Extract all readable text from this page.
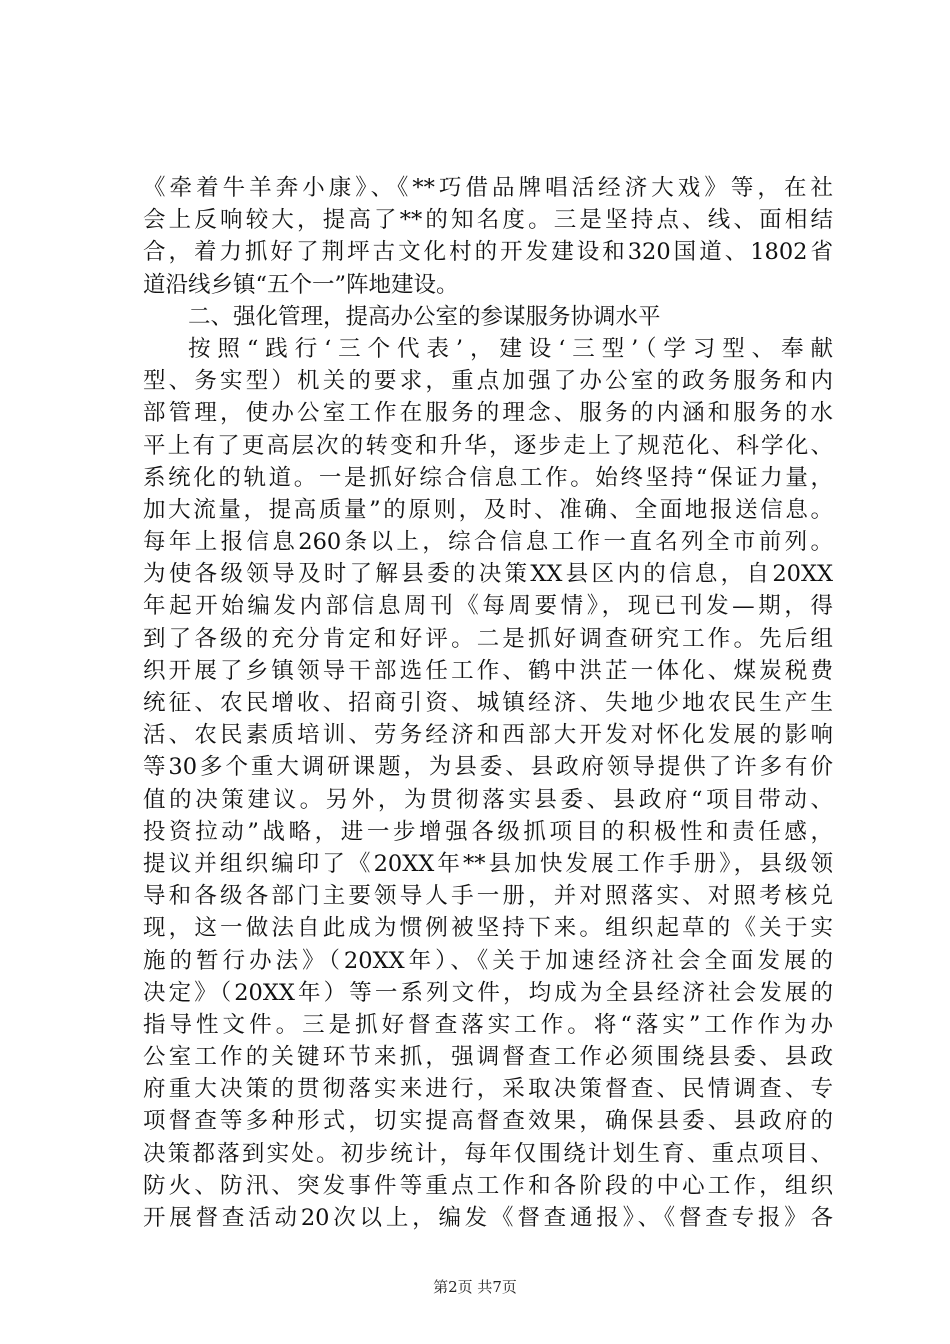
《牵着牛羊奔小康》、《**巧借品牌唱活经济大戏》等，在社
会上反响较大，提高了**的知名度。三是坚持点、线、面相结
合，着力抓好了荆坪古文化村的开发建设和320国道、1802省
道沿线乡镇“五个一”阵地建设。
二、强化管理，提高办公室的参谋服务协调水平
按照“践行‘三个代表’，建设‘三型’（学习型、奉献
型、务实型）机关的要求，重点加强了办公室的政务服务和内
部管理，使办公室工作在服务的理念、服务的内涵和服务的水
平上有了更高层次的转变和升华，逐步走上了规范化、科学化、
系统化的轨道。一是抓好综合信息工作。始终坚持“保证力量，
加大流量，提高质量”的原则，及时、准确、全面地报送信息。
每年上报信息260条以上，综合信息工作一直名列全市前列。
为使各级领导及时了解县委的决策XX县区内的信息，自20XX
年起开始编发内部信息周刊《每周要情》，现已刊发—期，得
到了各级的充分肯定和好评。二是抓好调查研究工作。先后组
织开展了乡镇领导干部选任工作、鹤中洪芷一体化、煤炭税费
统征、农民增收、招商引资、城镇经济、失地少地农民生产生
活、农民素质培训、劳务经济和西部大开发对怀化发展的影响
等30多个重大调研课题，为县委、县政府领导提供了许多有价
值的决策建议。另外，为贯彻落实县委、县政府“项目带动、
投资拉动”战略，进一步增强各级抓项目的积极性和责任感，
提议并组织编印了《20XX年**县加快发展工作手册》，县级领
导和各级各部门主要领导人手一册，并对照落实、对照考核兑
现，这一做法自此成为惯例被坚持下来。组织起草的《关于实
施的暂行办法》（20XX年）、《关于加速经济社会全面发展的
决定》（20XX年）等一系列文件，均成为全县经济社会发展的
指导性文件。三是抓好督查落实工作。将“落实”工作作为办
公室工作的关键环节来抓，强调督查工作必须围绕县委、县政
府重大决策的贯彻落实来进行，采取决策督查、民情调查、专
项督查等多种形式，切实提高督查效果，确保县委、县政府的
决策都落到实处。初步统计，每年仅围绕计划生育、重点项目、
防火、防汛、突发事件等重点工作和各阶段的中心工作，组织
开展督查活动20次以上，编发《督查通报》、《督查专报》各
第2页 共7页
